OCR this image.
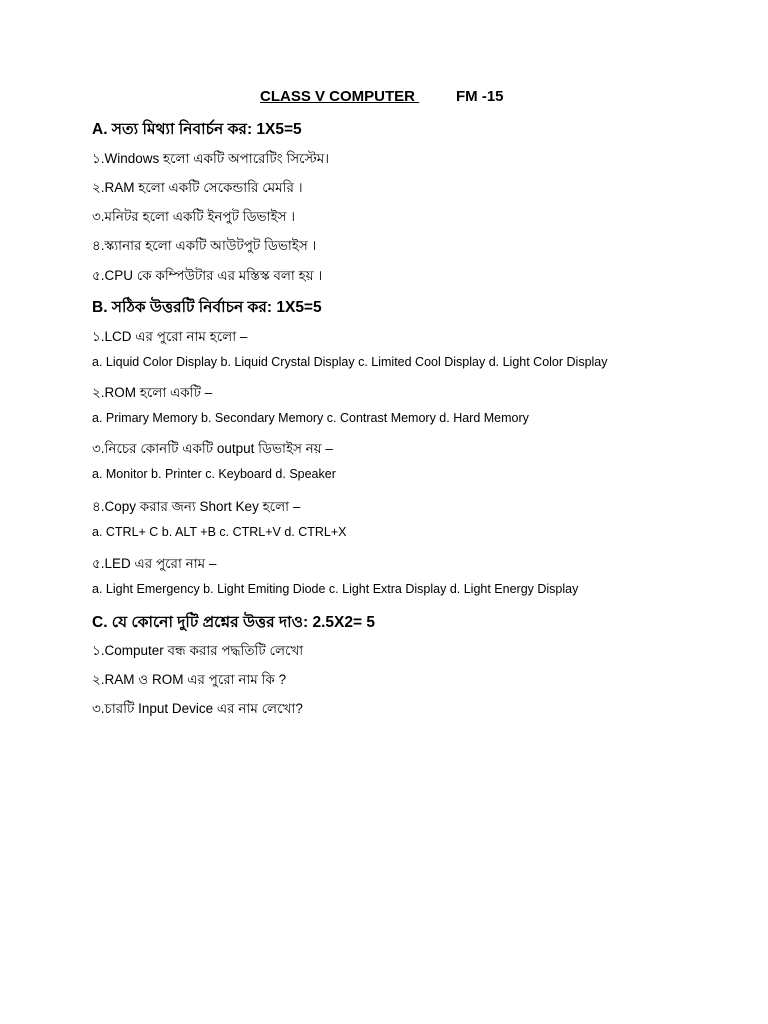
CLASS V COMPUTER FM -15
A. সত্য মিথ্যা নিবার্চন কর: 1X5=5
১.Windows হলো একটি অপারেটিং সিস্টেম।
২.RAM হলো একটি সেকেন্ডারি মেমরি ।
৩.মনিটর হলো একটি ইনপুট ডিভাইস ।
৪.স্ক্যানার হলো একটি আউটপুট ডিভাইস ।
৫.CPU কে কম্পিউটার এর মস্তিস্ক বলা হয় ।
B. সঠিক উত্তরটি নির্বাচন কর: 1X5=5
১.LCD এর পুরো নাম হলো –
a. Liquid Color Display b. Liquid Crystal Display c. Limited Cool Display d. Light Color Display
২.ROM হলো একটি –
a. Primary Memory b. Secondary Memory c. Contrast Memory d. Hard Memory
৩.নিচের কোনটি একটি output ডিভাইস নয় –
a. Monitor b. Printer c. Keyboard d. Speaker
৪.Copy করার জন্য Short Key হলো –
a. CTRL+ C b. ALT +B c. CTRL+V d. CTRL+X
৫.LED এর পুরো নাম –
a. Light Emergency b. Light Emiting Diode c. Light Extra Display d. Light Energy Display
C. যে কোনো দুটি প্রশ্নের উত্তর দাও: 2.5X2= 5
১.Computer বন্ধ করার পদ্ধতিটি লেখো
২.RAM ও ROM এর পুরো নাম কি ?
৩.চারটি Input Device এর নাম লেখো?
